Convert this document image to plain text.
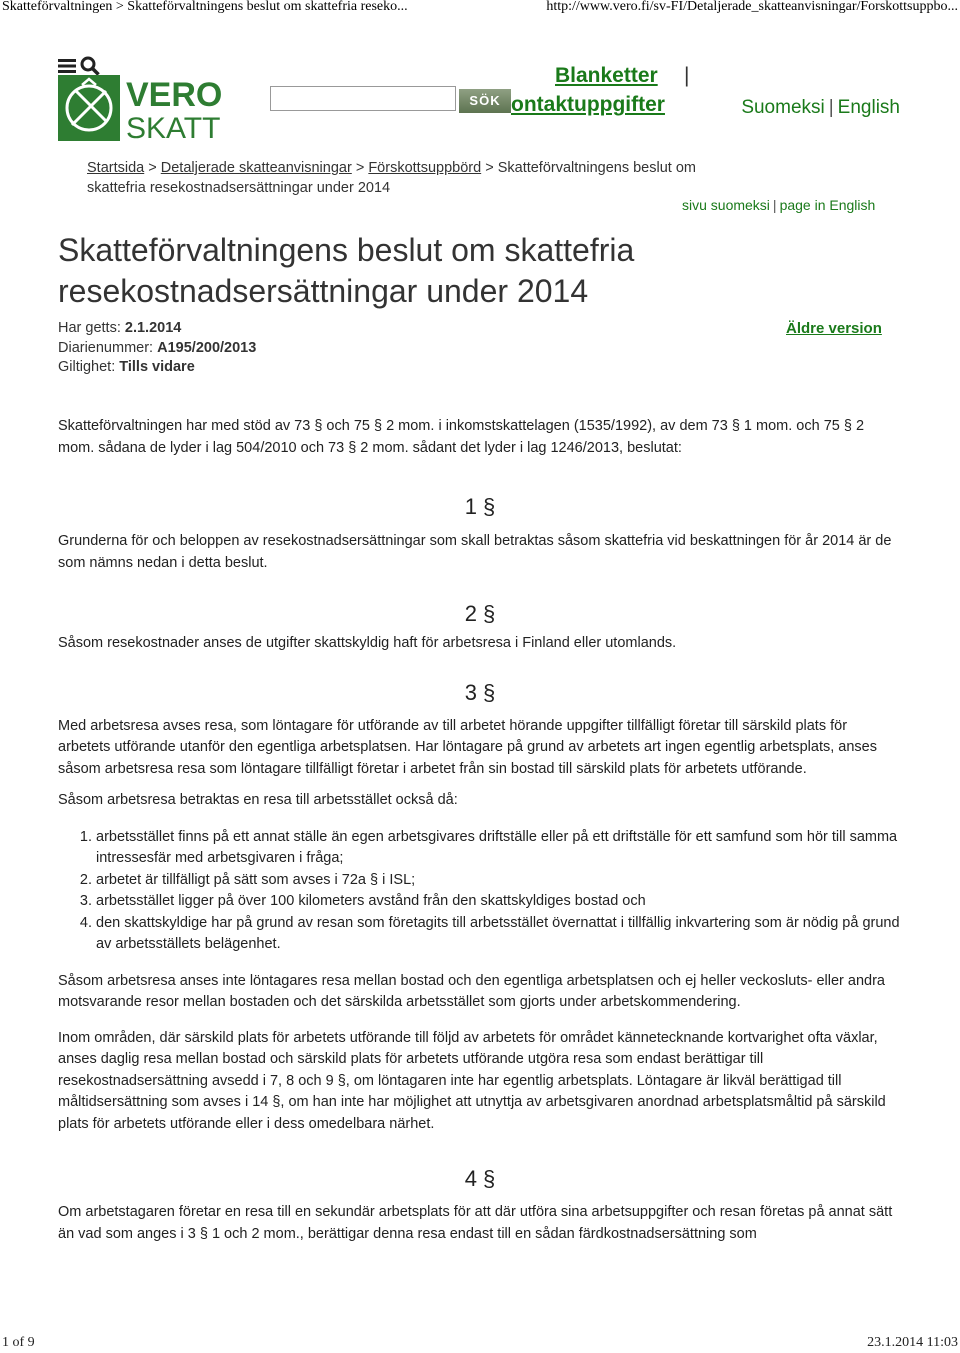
Skatteförvaltningen > Skatteförvaltningens beslut om skattefria reseko...	http://www.vero.fi/sv-FI/Detaljerade_skatteanvisningar/Forskottsuppbo...
VERO
SKATT
SÖK
Blanketter |
ontaktuppgifter	Suomeksi | English
Startsida > Detaljerade skatteanvisningar > Förskottsuppbörd > Skatteförvaltningens beslut om skattefria resekostnadsersättningar under 2014
sivu suomeksi | page in English
Skatteförvaltningens beslut om skattefria resekostnadsersättningar under 2014
Har getts: 2.1.2014
Diarienummer: A195/200/2013
Giltighet: Tills vidare
Äldre version

Skatteförvaltningen har med stöd av 73 § och 75 § 2 mom. i inkomstskattelagen (1535/1992), av dem 73 § 1 mom. och 75 § 2 mom. sådana de lyder i lag 504/2010 och 73 § 2 mom. sådant det lyder i lag 1246/2013, beslutat:

1 §

Grunderna för och beloppen av resekostnadsersättningar som skall betraktas såsom skattefria vid beskattningen för år 2014 är de som nämns nedan i detta beslut.

2 §

Såsom resekostnader anses de utgifter skattskyldig haft för arbetsresa i Finland eller utomlands.

3 §

Med arbetsresa avses resa, som löntagare för utförande av till arbetet hörande uppgifter tillfälligt företar till särskild plats för arbetets utförande utanför den egentliga arbetsplatsen. Har löntagare på grund av arbetets art ingen egentlig arbetsplats, anses såsom arbetsresa resa som löntagare tillfälligt företar i arbetet från sin bostad till särskild plats för arbetets utförande.

Såsom arbetsresa betraktas en resa till arbetsstället också då:

1. arbetsstället finns på ett annat ställe än egen arbetsgivares driftställe eller på ett driftställe för ett samfund som hör till samma intressesfär med arbetsgivaren i fråga;
2. arbetet är tillfälligt på sätt som avses i 72a § i ISL;
3. arbetsstället ligger på över 100 kilometers avstånd från den skattskyldiges bostad och
4. den skattskyldige har på grund av resan som företagits till arbetsstället övernattat i tillfällig inkvartering som är nödig på grund av arbetsställets belägenhet.

Såsom arbetsresa anses inte löntagares resa mellan bostad och den egentliga arbetsplatsen och ej heller veckosluts- eller andra motsvarande resor mellan bostaden och det särskilda arbetsstället som gjorts under arbetskommendering.

Inom områden, där särskild plats för arbetets utförande till följd av arbetets för området kännetecknande kortvarighet ofta växlar, anses daglig resa mellan bostad och särskild plats för arbetets utförande utgöra resa som endast berättigar till resekostnadsersättning avsedd i 7, 8 och 9 §, om löntagaren inte har egentlig arbetsplats. Löntagare är likväl berättigad till måltidsersättning som avses i 14 §, om han inte har möjlighet att utnyttja av arbetsgivaren anordnad arbetsplatsmåltid på särskild plats för arbetets utförande eller i dess omedelbara närhet.

4 §

Om arbetstagaren företar en resa till en sekundär arbetsplats för att där utföra sina arbetsuppgifter och resan företas på annat sätt än vad som anges i 3 § 1 och 2 mom., berättigar denna resa endast till en sådan färdkostnadsersättning som

1 of 9	23.1.2014 11:03
